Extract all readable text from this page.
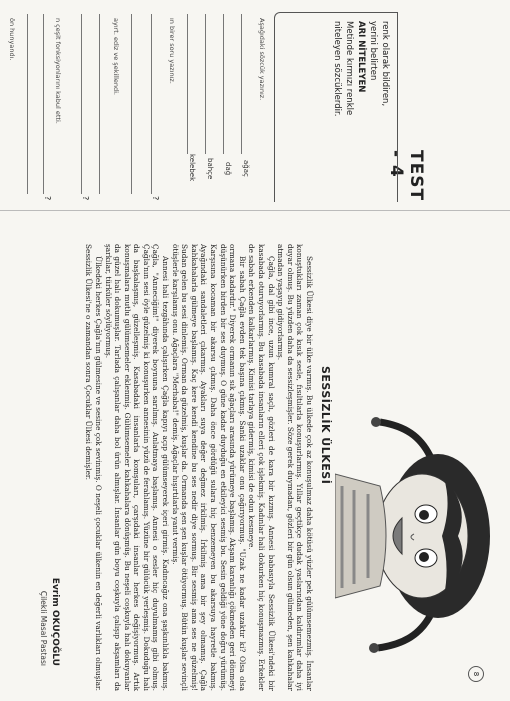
TEST - 4
renk olarak bildiren,
yerini belirten
ARI NİTELEYEN
Metinde kırmızı renkle
niteleyen sözcüklerdir.
Aşağıdaki sözcük yazınız.
ağaç
dağ
bahçe
kelebek
ın birer soru yazınız.
?
ayırt. ediz ve şekillendi.
?
n çeşit fonksiyonlarını kabul etti.
?
ön hunyandı.
8
SESSİZLİK ÜLKESİ

Sessizlik Ülkesi diye bir ülke varmış. Bu ülkede çok az konuşulmaz daha kötüsü yüzler pek gülümsemezmiş. İnsanlar konuştukları zaman çok kısık sesle, fısıltılarla konuşurlarmış. Yıllar geçtikçe dudak yaslarından kaldırımlar daha iyi duyar olmuş. Bu yüzden daha da sessizleşmişler. Söze gerek duymadan, gözleri bir gün olsun gülmeden, şen kahkahalar atmadan yaşayıp gidiyorlarmış.

Çağla, dal gibi ince, uzun kumral saçlı, gözleri de kara bir kızmış. Annesi babasıyla Sessizlik Ülkesi'ndeki bir kasabada oturuyorlarmış. Bu kasabada insanların elleri çok işlekmiş. Kadınlar hali dokurken hiç konuşmazmış. Erkekler de sabah erkenden kalkarlarmış. Kimisi tarlaya gidermiş, kimisi de odun kesmeye.

Bir sabah Çağla evden tek başına çıkmış. Sanki uzaklar onu çağırıyormuş. "Uzak ne kadar uzaktır ki? Olsa olsa ormana kadardır." Diyerek ormanın sık ağaçları arasında yürümeye başlamış. Akşam karanlığı çökmeden geri dönmeyi düşünürken birden bir ses duymuş. O güne kadar duyduğu en etkileyici sesmiş bu. Sesin geldiği yöne doğru yürümüş. Karşısına kocaman bir akarsu çıkmış. Daha önce gördüğü sulara hiç benzemeyen bu akarsuya hayretle bakmış. Ayağındaki sandaletleri çıkarmış. Ayakları suya değer değmez irkilmiş. İrkilmiş ama bir şey olmamış. Çağla kahkahalarla gülmeye başlamış. Kaç kere kendi kendine bu ses nedir diye sormuş. Bir sesmiş ama ses ne güzelmiş! Sudan gelen bu sesi dinlemiş. Orman da güzelmiş, kuşlar da. Ormanda şen şen kuşlar ötüyormuş. Bütün kuşlar sevinçli ötüşlerle karşılamış onu. Ağaçlara "Merhaba!" demiş. Ağaçlar hışırtılarla yanıt vermiş.

Annesi hali tezgâhında çalışırken Çağla kapıyı açıp gülümseyerek içeri girmiş. Kadıncağız ona şaşkınlıkla bakmış. Çağla, "Anneciğim!" diyerek boynuna sarılmış. Anlatmaya başlamış. Annesi o sesler hiç duyulmamış gibi olmuş. Çağla'nın sesi öyle güzelmiş ki konuşurken annesinin yüzü de ferahlamış. Yüzüne bir gülücük yerleşmiş. Dokuduğu halı da başkalaşmış, güzelleşmiş. Kasabadaki insanlarla komşuları, çarşıdaki insanlar herkes değişiyormuş. Artık konuşmalara mutlu gülümsemeler eklenmiş. Gülümsemeler kahkahalara dönüşmüş. Bu neşeli coşkuyla halı dokuyanlar da güzel halı dokumuşlar. Tarlada çalışanlar daha bol ürün almışlar. İnsanlar gün boyu coşkuyla çalışıp akşamları da şarkılar, türküler söylüyormuş.

Ülkedeki herkes Çağla'nın gülmesine ve sesine çok sevinmiş. O neşeli çocuklar ülkenin en değerli varlıkları olmuşlar. Sessizlik Ülkesi'ne o zamandan sonra Çocuklar Ülkesi demişler.

Evrim OKUÇOĞLU
Çilekli Masal Pastası
